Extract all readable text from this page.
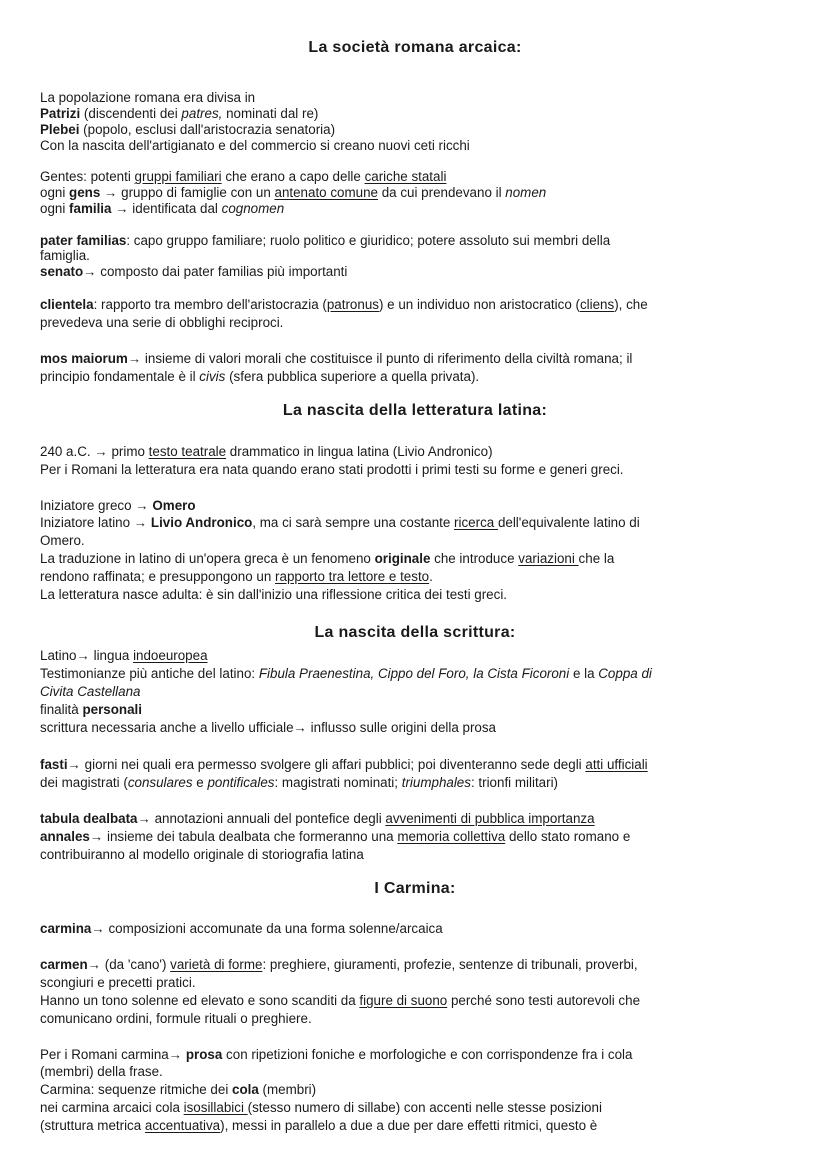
La società romana arcaica:

La popolazione romana era divisa in

Patrizi (discendenti dei patres, nominati dal re)

Plebei (popolo, esclusi dall'aristocrazia senatoria)

Con la nascita dell'artigianato e del commercio si creano nuovi ceti ricchi

Gentes: potenti gruppi familiari che erano a capo delle cariche statali

ogni gens → gruppo di famiglie con un antenato comune da cui prendevano il nomen

ogni familia → identificata dal cognomen

pater familias: capo gruppo familiare; ruolo politico e giuridico; potere assoluto sui membri della

famiglia.

senato→ composto dai pater familias più importanti

clientela: rapporto tra membro dell'aristocrazia (patronus) e un individuo non aristocratico (cliens), che

prevedeva una serie di obblighi reciproci.

mos maiorum→ insieme di valori morali che costituisce il punto di riferimento della civiltà romana; il

principio fondamentale è il civis (sfera pubblica superiore a quella privata).

La nascita della letteratura latina:

240 a.C. → primo testo teatrale drammatico in lingua latina (Livio Andronico)

Per i Romani la letteratura era nata quando erano stati prodotti i primi testi su forme e generi greci.

Iniziatore greco → Omero

Iniziatore latino → Livio Andronico, ma ci sarà sempre una costante ricerca dell'equivalente latino di

Omero.

La traduzione in latino di un'opera greca è un fenomeno originale che introduce variazioni che la

rendono raffinata; e presuppongono un rapporto tra lettore e testo.

La letteratura nasce adulta: è sin dall'inizio una riflessione critica dei testi greci.

La nascita della scrittura:

Latino→ lingua indoeuropea

Testimonianze più antiche del latino: Fibula Praenestina, Cippo del Foro, la Cista Ficoroni e la Coppa di

Civita Castellana

finalità personali

scrittura necessaria anche a livello ufficiale→ influsso sulle origini della prosa

fasti→ giorni nei quali era permesso svolgere gli affari pubblici; poi diventeranno sede degli atti ufficiali

dei magistrati (consulares e pontificales: magistrati nominati; triumphales: trionfi militari)

tabula dealbata→ annotazioni annuali del pontefice degli avvenimenti di pubblica importanza

annales→ insieme dei tabula dealbata che formeranno una memoria collettiva dello stato romano e

contribuiranno al modello originale di storiografia latina

I Carmina:

carmina→ composizioni accomunate da una forma solenne/arcaica

carmen→ (da 'cano') varietà di forme: preghiere, giuramenti, profezie, sentenze di tribunali, proverbi,

scongiuri e precetti pratici.

Hanno un tono solenne ed elevato e sono scanditi da figure di suono perché sono testi autorevoli che

comunicano ordini, formule rituali o preghiere.

Per i Romani carmina→ prosa con ripetizioni foniche e morfologiche e con corrispondenze fra i cola

(membri) della frase.

Carmina: sequenze ritmiche dei cola (membri)

nei carmina arcaici cola isosillabici (stesso numero di sillabe) con accenti nelle stesse posizioni

(struttura metrica accentuativa), messi in parallelo a due a due per dare effetti ritmici, questo è
